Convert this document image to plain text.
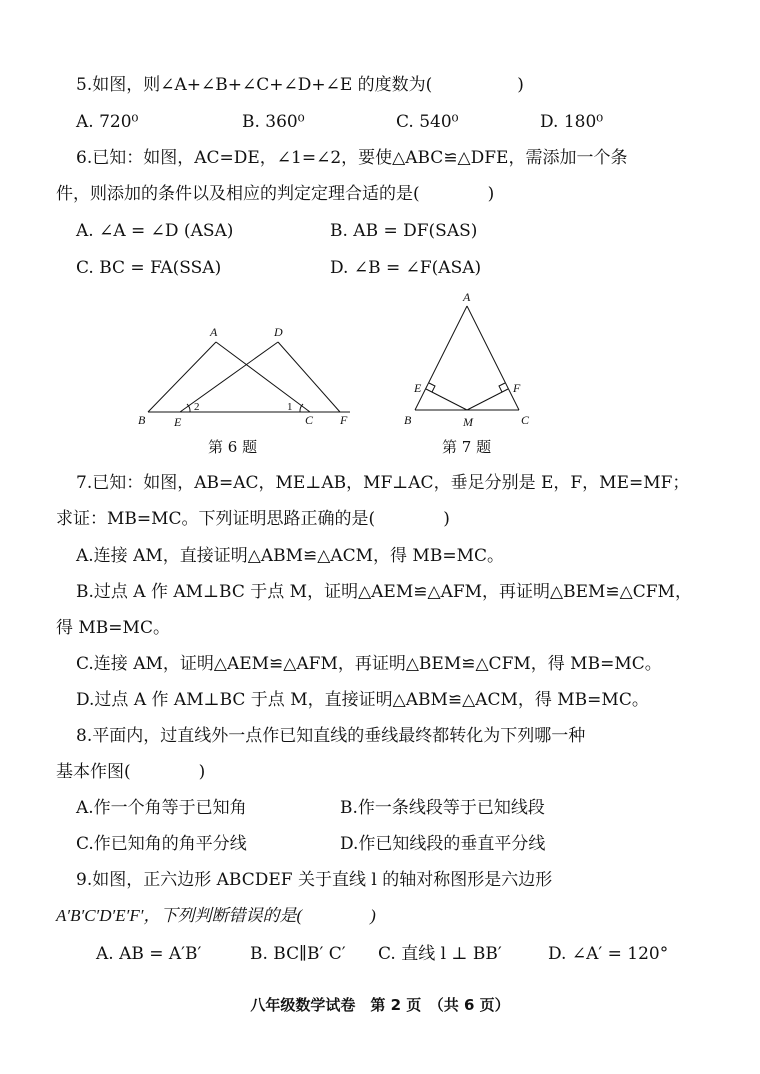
5.如图，则∠A+∠B+∠C+∠D+∠E 的度数为(　　　　　)
A. 720⁰	B. 360⁰	C. 540⁰	D. 180⁰
6.已知：如图，AC=DE，∠1=∠2，要使△ABC≌△DFE，需添加一个条
件，则添加的条件以及相应的判定定理合适的是(　　　　)
A. ∠A = ∠D (ASA)	B. AB = DF(SAS)
C. BC = FA(SSA)	D. ∠B = ∠F(ASA)
A	D
B E	C F
2	1
第 6 题
A
E	F
B	M	C
第 7 题
7.已知：如图，AB=AC，ME⊥AB，MF⊥AC，垂足分别是 E，F，ME=MF；
求证：MB=MC。下列证明思路正确的是(　　　　)
A.连接 AM，直接证明△ABM≌△ACM，得 MB=MC。
B.过点 A 作 AM⊥BC 于点 M，证明△AEM≌△AFM，再证明△BEM≌△CFM，
得 MB=MC。
C.连接 AM，证明△AEM≌△AFM，再证明△BEM≌△CFM，得 MB=MC。
D.过点 A 作 AM⊥BC 于点 M，直接证明△ABM≌△ACM，得 MB=MC。
8.平面内，过直线外一点作已知直线的垂线最终都转化为下列哪一种
基本作图(　　　　)
A.作一个角等于已知角	B.作一条线段等于已知线段
C.作已知角的角平分线	D.作已知线段的垂直平分线
9.如图，正六边形 ABCDEF 关于直线 l 的轴对称图形是六边形
A′B′C′D′E′F′，下列判断错误的是(　　　　)
A. AB = A′B′	B. BC∥B′ C′ C. 直线 l ⊥ BB′	D. ∠A′ = 120°
八年级数学试卷　第 2 页　（共 6 页）
